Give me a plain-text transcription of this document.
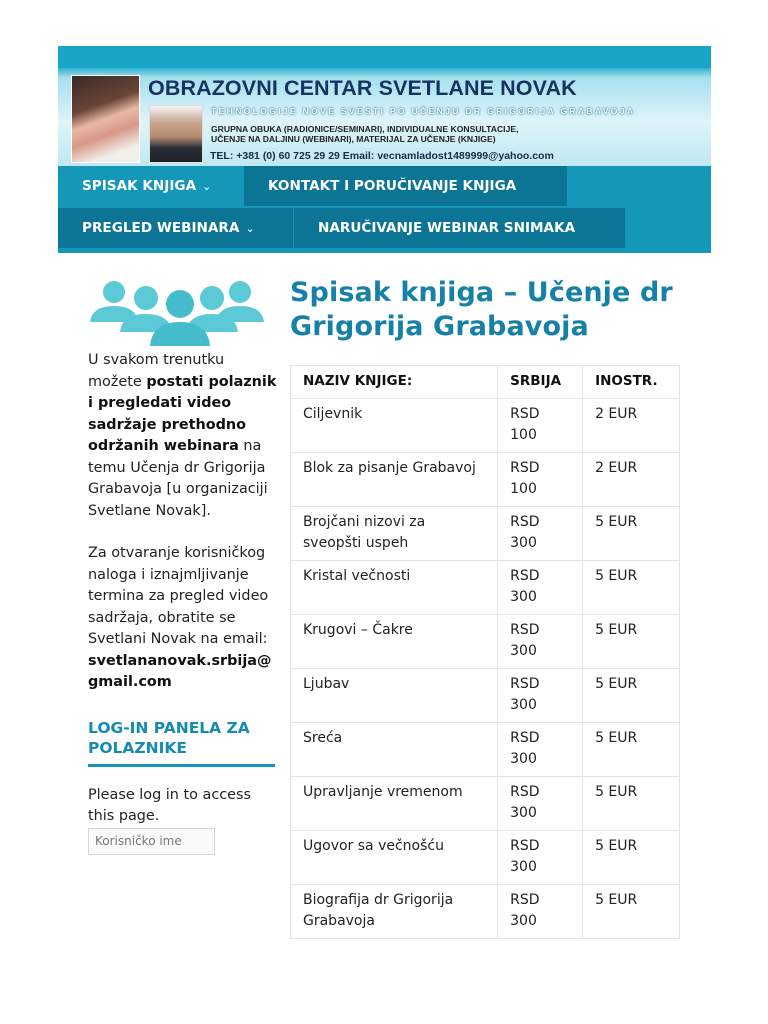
OBRAZOVNI CENTAR SVETLANE NOVAK
TEHNOLOGIJE NOVE SVESTI PO UČENJU DR GRIGORIJA GRABAVOJA
GRUPNA OBUKA (RADIONICE/SEMINARI), INDIVIDUALNE KONSULTACIJE,
UČENJE NA DALJINU (WEBINARI), MATERIJAL ZA UČENJE (KNJIGE)
TEL: +381 (0) 60 725 29 29 Email: vecnamladost1489999@yahoo.com
SPISAK KNJIGA ⌄	KONTAKT I PORUČIVANJE KNJIGA
PREGLED WEBINARA ⌄	NARUČIVANJE WEBINAR SNIMAKA

U svakom trenutku možete postati polaznik i pregledati video sadržaje prethodno održanih webinara na temu Učenja dr Grigorija Grabavoja [u organizaciji Svetlane Novak].

Za otvaranje korisničkog naloga i iznajmljivanje termina za pregled video sadržaja, obratite se Svetlani Novak na email: svetlananovak.srbija@gmail.com

LOG-IN PANELA ZA POLAZNIKE
Please log in to access this page.
Korisničko ime
Spisak knjiga – Učenje dr Grigorija Grabavoja
NAZIV KNJIGE:	SRBIJA	INOSTR.
Ciljevnik	RSD 100	2 EUR
Blok za pisanje Grabavoj	RSD 100	2 EUR
Brojčani nizovi za sveopšti uspeh	RSD 300	5 EUR
Kristal večnosti	RSD 300	5 EUR
Krugovi – Čakre	RSD 300	5 EUR
Ljubav	RSD 300	5 EUR
Sreća	RSD 300	5 EUR
Upravljanje vremenom	RSD 300	5 EUR
Ugovor sa večnošću	RSD 300	5 EUR
Biografija dr Grigorija Grabavoja	RSD 300	5 EUR
